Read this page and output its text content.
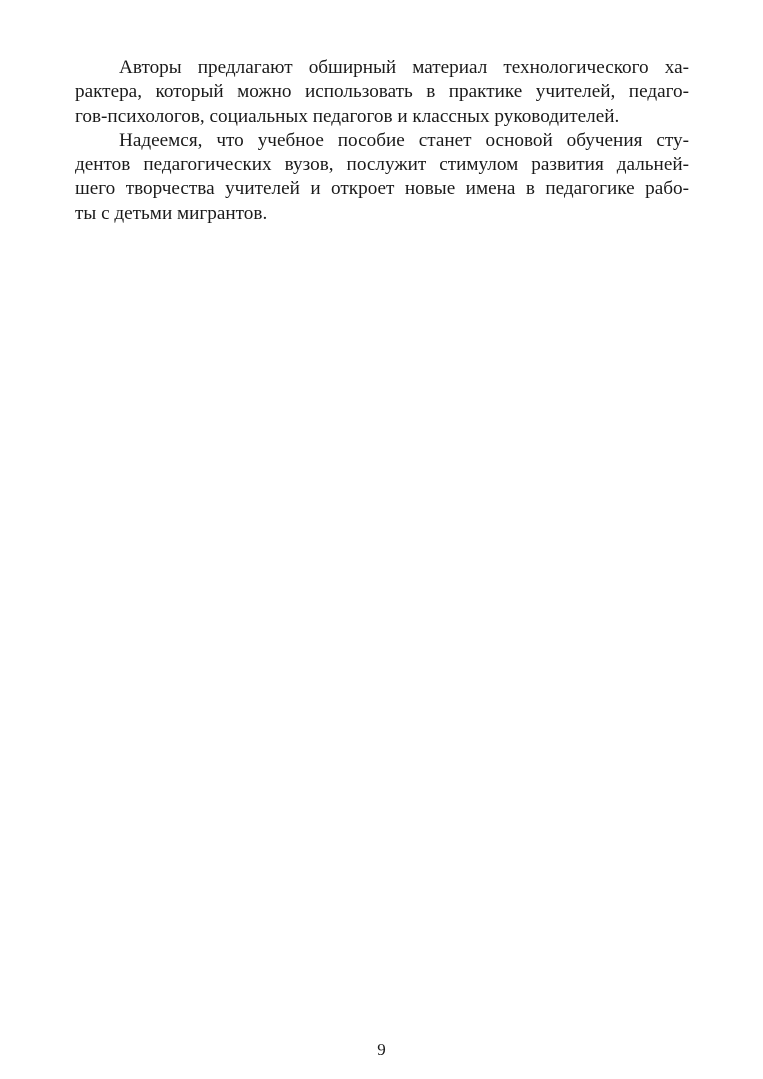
Авторы предлагают обширный материал технологического ха-
рактера, который можно использовать в практике учителей, педаго-
гов-психологов, социальных педагогов и классных руководителей.
Надеемся, что учебное пособие станет основой обучения сту-
дентов педагогических вузов, послужит стимулом развития дальней-
шего творчества учителей и откроет новые имена в педагогике рабо-
ты с детьми мигрантов.
9
